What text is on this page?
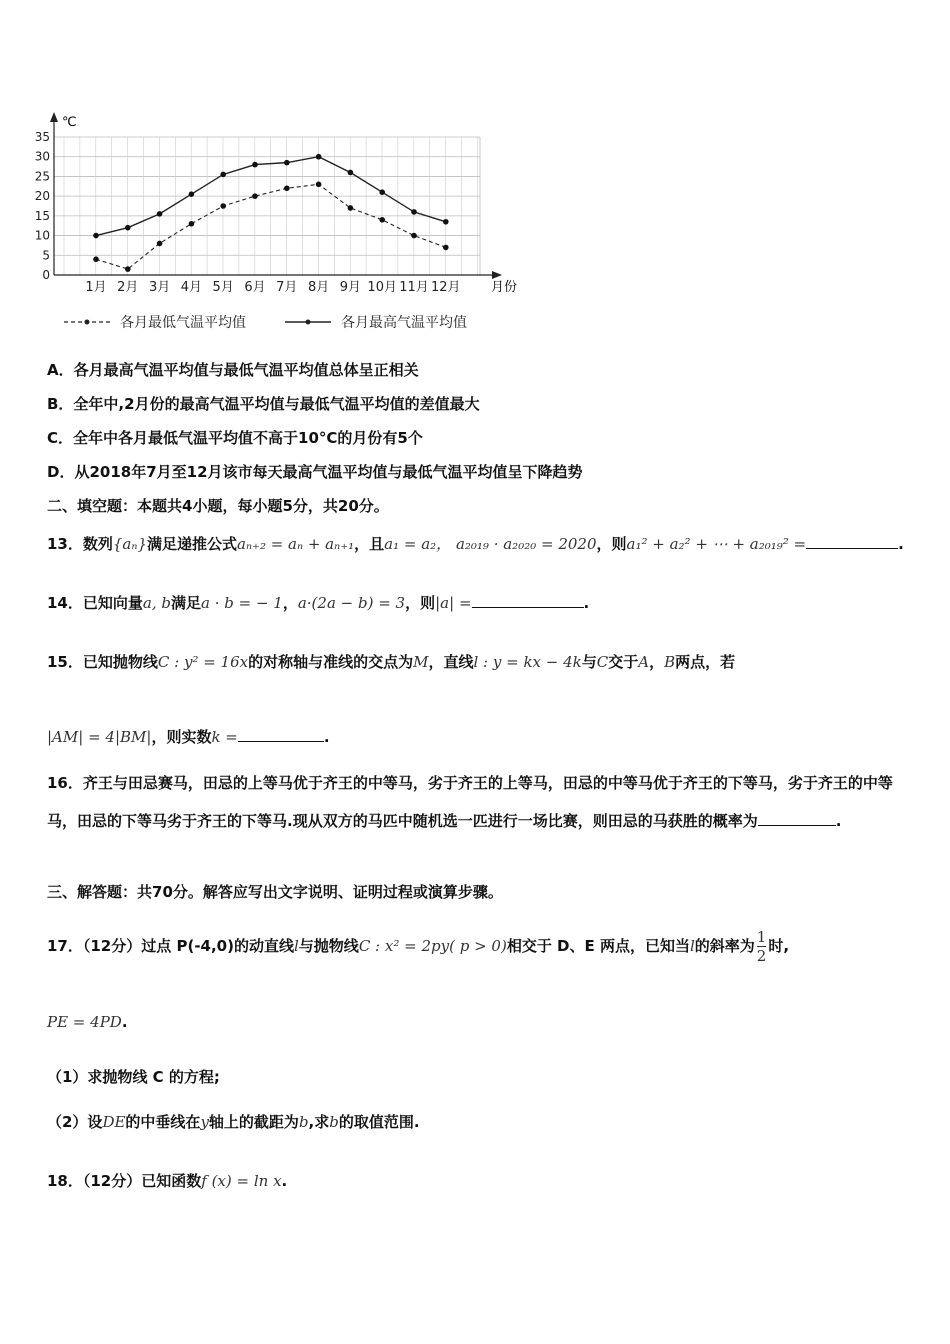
℃
月份
0
5
10
15
20
25
30
35
1月 2月 3月 4月 5月 6月 7月 8月 9月 10月 11月 12月
各月最低气温平均值	各月最高气温平均值
A．各月最高气温平均值与最低气温平均值总体呈正相关
B．全年中,2月份的最高气温平均值与最低气温平均值的差值最大
C．全年中各月最低气温平均值不高于10°C的月份有5个
D．从2018年7月至12月该市每天最高气温平均值与最低气温平均值呈下降趋势
二、填空题：本题共4小题，每小题5分，共20分。
13．数列{aₙ}满足递推公式aₙ₊₂ = aₙ + aₙ₊₁，且a₁ = a₂， a₂₀₁₉ · a₂₀₂₀ = 2020，则a₁² + a₂² + ⋯ + a₂₀₁₉² =	.
14．已知向量a, b满足a · b = − 1，a·(2a − b) = 3，则|a| =	.
15．已知抛物线C : y² = 16x的对称轴与准线的交点为M，直线l : y = kx − 4k与C交于A，B两点，若
|AM| = 4|BM|，则实数k =	.
16．齐王与田忌赛马，田忌的上等马优于齐王的中等马，劣于齐王的上等马，田忌的中等马优于齐王的下等马，劣于齐王的中等马，田忌的下等马劣于齐王的下等马.现从双方的马匹中随机选一匹进行一场比赛，则田忌的马获胜的概率为	.
三、解答题：共70分。解答应写出文字说明、证明过程或演算步骤。
17．（12分）过点 P(-4,0)的动直线l与抛物线C : x² = 2py( p > 0)相交于 D、E 两点，已知当l的斜率为 $\frac{1}{2}$ 时,
PE = 4PD.
（1）求抛物线 C 的方程;
（2）设DE的中垂线在y轴上的截距为b,求b的取值范围.
18．（12分）已知函数f (x) = ln x.
